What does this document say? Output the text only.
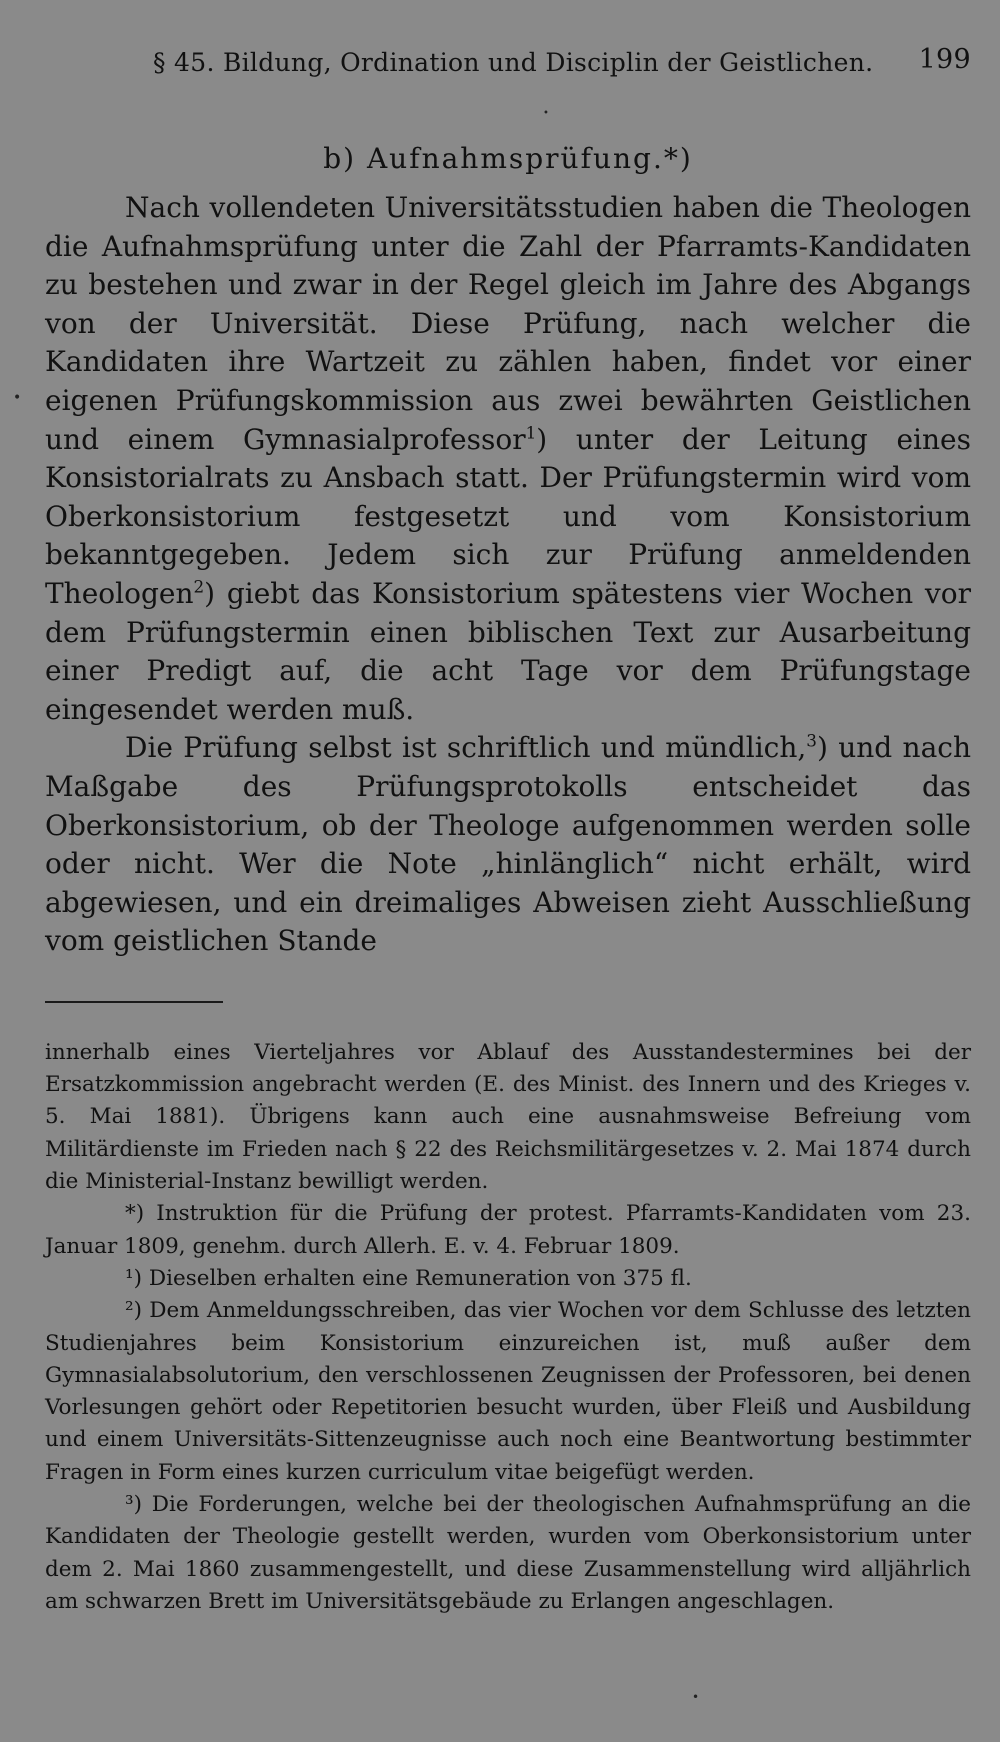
§ 45. Bildung, Ordination und Disciplin der Geistlichen. 199
b) Aufnahmsprüfung.*)

Nach vollendeten Universitätsstudien haben die Theologen die Aufnahmsprüfung unter die Zahl der Pfarramts-Kandidaten zu bestehen und zwar in der Regel gleich im Jahre des Abgangs von der Universität. Diese Prüfung, nach welcher die Kandidaten ihre Wartzeit zu zählen haben, findet vor einer eigenen Prüfungskommission aus zwei bewährten Geistlichen und einem Gymnasialprofessor$^1$) unter der Leitung eines Konsistorialrats zu Ansbach statt. Der Prüfungstermin wird vom Oberkonsistorium festgesetzt und vom Konsistorium bekanntgegeben. Jedem sich zur Prüfung anmeldenden Theologen$^2$) giebt das Konsistorium spätestens vier Wochen vor dem Prüfungstermin einen biblischen Text zur Ausarbeitung einer Predigt auf, die acht Tage vor dem Prüfungstage eingesendet werden muß.

Die Prüfung selbst ist schriftlich und mündlich,$^3$) und nach Maßgabe des Prüfungsprotokolls entscheidet das Oberkonsistorium, ob der Theologe aufgenommen werden solle oder nicht. Wer die Note „hinlänglich“ nicht erhält, wird abgewiesen, und ein dreimaliges Abweisen zieht Ausschließung vom geistlichen Stande

innerhalb eines Vierteljahres vor Ablauf des Ausstandestermines bei der Ersatzkommission angebracht werden (E. des Minist. des Innern und des Krieges v. 5. Mai 1881). Übrigens kann auch eine ausnahmsweise Befreiung vom Militärdienste im Frieden nach § 22 des Reichsmilitärgesetzes v. 2. Mai 1874 durch die Ministerial-Instanz bewilligt werden.

*) Instruktion für die Prüfung der protest. Pfarramts-Kandidaten vom 23. Januar 1809, genehm. durch Allerh. E. v. 4. Februar 1809.

¹) Dieselben erhalten eine Remuneration von 375 fl.

²) Dem Anmeldungsschreiben, das vier Wochen vor dem Schlusse des letzten Studienjahres beim Konsistorium einzureichen ist, muß außer dem Gymnasialabsolutorium, den verschlossenen Zeugnissen der Professoren, bei denen Vorlesungen gehört oder Repetitorien besucht wurden, über Fleiß und Ausbildung und einem Universitäts-Sittenzeugnisse auch noch eine Beantwortung bestimmter Fragen in Form eines kurzen curriculum vitae beigefügt werden.

³) Die Forderungen, welche bei der theologischen Aufnahmsprüfung an die Kandidaten der Theologie gestellt werden, wurden vom Oberkonsistorium unter dem 2. Mai 1860 zusammengestellt, und diese Zusammenstellung wird alljährlich am schwarzen Brett im Universitätsgebäude zu Erlangen angeschlagen.

•
•
•
